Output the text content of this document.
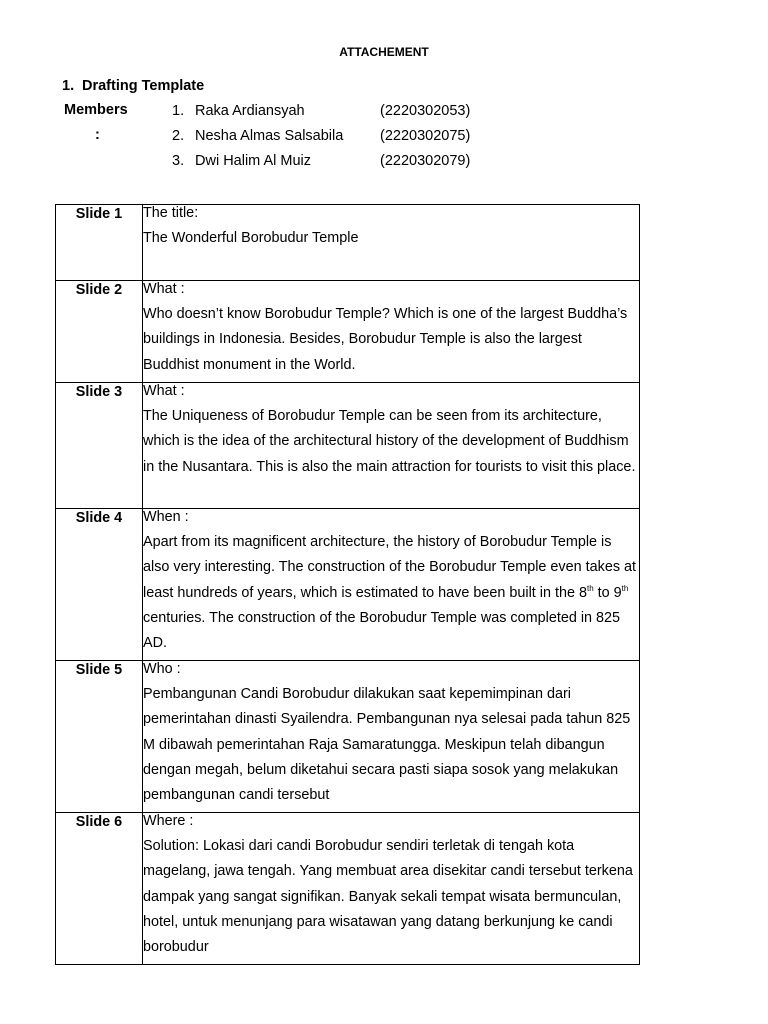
ATTACHEMENT
1. Drafting Template
Members
:
1. Raka Ardiansyah	(2220302053)
2. Nesha Almas Salsabila	(2220302075)
3. Dwi Halim Al Muiz	(2220302079)
Slide 1	The title:
The Wonderful Borobudur Temple

Slide 2	What :
Who doesn’t know Borobudur Temple? Which is one of the largest Buddha’s buildings in Indonesia. Besides, Borobudur Temple is also the largest Buddhist monument in the World.

Slide 3	What :
The Uniqueness of Borobudur Temple can be seen from its architecture, which is the idea of the architectural history of the development of Buddhism in the Nusantara. This is also the main attraction for tourists to visit this place.

Slide 4	When :
Apart from its magnificent architecture, the history of Borobudur Temple is also very interesting. The construction of the Borobudur Temple even takes at least hundreds of years, which is estimated to have been built in the 8th to 9th centuries. The construction of the Borobudur Temple was completed in 825 AD.

Slide 5	Who :
Pembangunan Candi Borobudur dilakukan saat kepemimpinan dari pemerintahan dinasti Syailendra. Pembangunan nya selesai pada tahun 825 M dibawah pemerintahan Raja Samaratungga. Meskipun telah dibangun dengan megah, belum diketahui secara pasti siapa sosok yang melakukan pembangunan candi tersebut

Slide 6	Where :
Solution: Lokasi dari candi Borobudur sendiri terletak di tengah kota magelang, jawa tengah. Yang membuat area disekitar candi tersebut terkena dampak yang sangat signifikan. Banyak sekali tempat wisata bermunculan, hotel, untuk menunjang para wisatawan yang datang berkunjung ke candi borobudur
